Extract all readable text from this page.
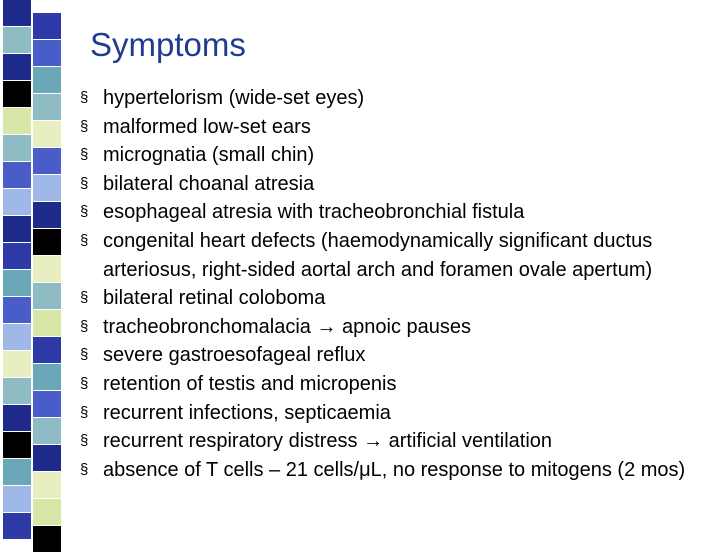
Symptoms
§ hypertelorism (wide-set eyes)
§ malformed low-set ears
§ micrognatia (small chin)
§ bilateral choanal atresia
§ esophageal atresia with tracheobronchial fistula
§ congenital heart defects (haemodynamically significant ductus arteriosus, right-sided aortal arch and foramen ovale apertum)
§ bilateral retinal coloboma
§ tracheobronchomalacia → apnoic pauses
§ severe gastroesofageal reflux
§ retention of testis and micropenis
§ recurrent infections, septicaemia
§ recurrent respiratory distress → artificial ventilation
§ absence of T cells – 21 cells/μL, no response to mitogens (2 mos)
